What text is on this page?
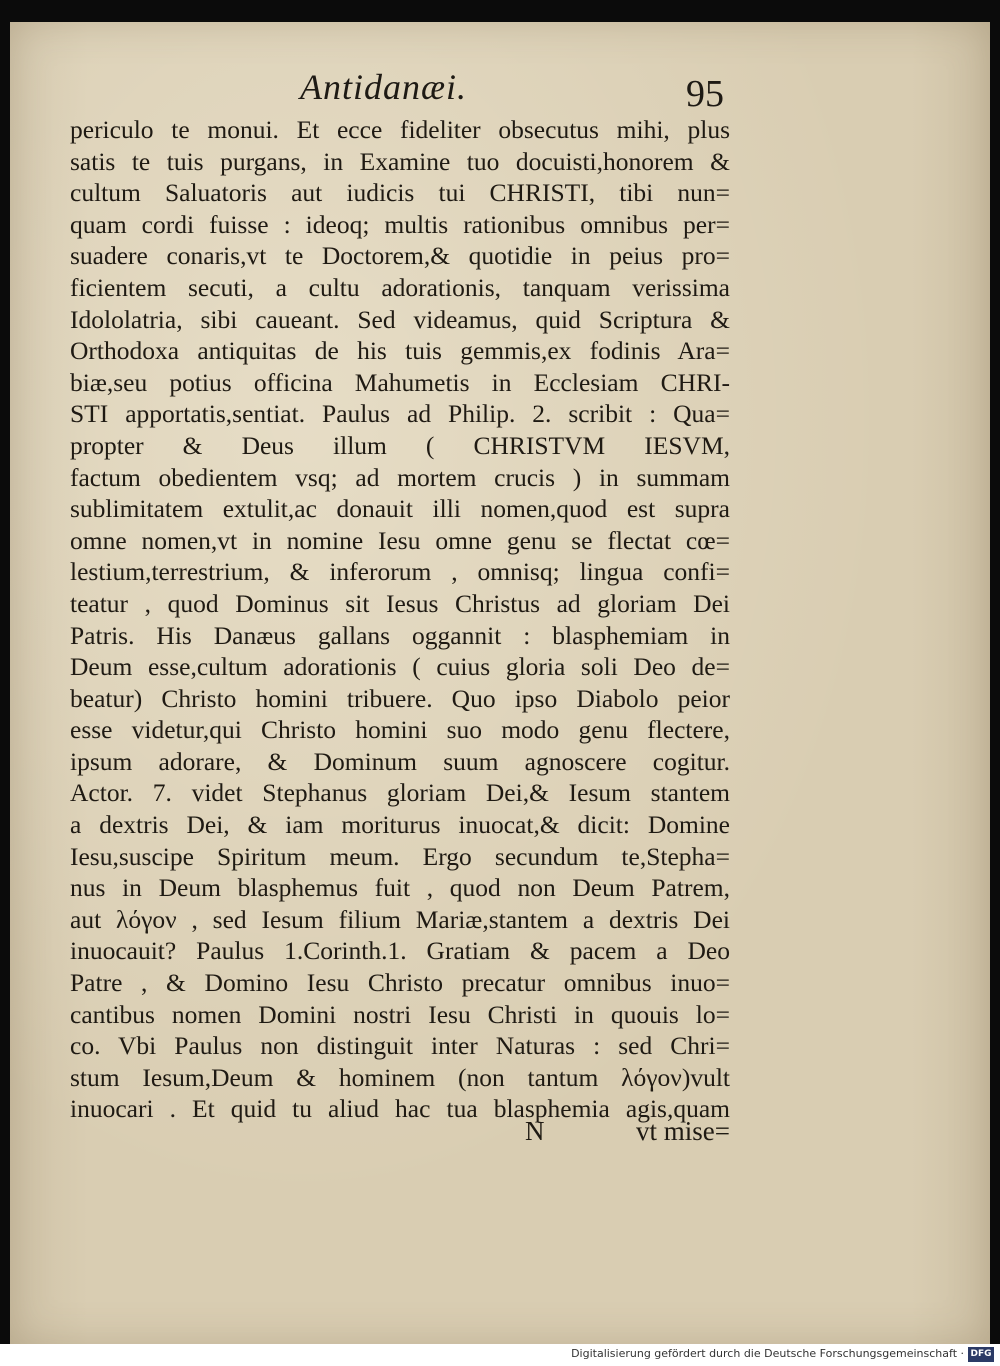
Antidanæi.	95
periculo te monui. Et ecce fideliter obsecutus mihi, plus
satis te tuis purgans, in Examine tuo docuisti,honorem &
cultum Saluatoris aut iudicis tui CHRISTI, tibi nun=
quam cordi fuisse : ideoq; multis rationibus omnibus per=
suadere conaris,vt te Doctorem,& quotidie in peius pro=
ficientem secuti, a cultu adorationis, tanquam verissima
Idololatria, sibi caueant. Sed videamus, quid Scriptura &
Orthodoxa antiquitas de his tuis gemmis,ex fodinis Ara=
biæ,seu potius officina Mahumetis in Ecclesiam CHRI-
STI apportatis,sentiat. Paulus ad Philip. 2. scribit : Qua=
propter & Deus illum ( CHRISTVM IESVM,
factum obedientem vsq; ad mortem crucis ) in summam
sublimitatem extulit,ac donauit illi nomen,quod est supra
omne nomen,vt in nomine Iesu omne genu se flectat cœ=
lestium,terrestrium, & inferorum , omnisq; lingua confi=
teatur , quod Dominus sit Iesus Christus ad gloriam Dei
Patris. His Danæus gallans oggannit : blasphemiam in
Deum esse,cultum adorationis ( cuius gloria soli Deo de=
beatur) Christo homini tribuere. Quo ipso Diabolo peior
esse videtur,qui Christo homini suo modo genu flectere,
ipsum adorare, & Dominum suum agnoscere cogitur.
Actor. 7. videt Stephanus gloriam Dei,& Iesum stantem
a dextris Dei, & iam moriturus inuocat,& dicit: Domine
Iesu,suscipe Spiritum meum. Ergo secundum te,Stepha=
nus in Deum blasphemus fuit , quod non Deum Patrem,
aut λόγον , sed Iesum filium Mariæ,stantem a dextris Dei
inuocauit? Paulus 1.Corinth.1. Gratiam & pacem a Deo
Patre , & Domino Iesu Christo precatur omnibus inuo=
cantibus nomen Domini nostri Iesu Christi in quouis lo=
co. Vbi Paulus non distinguit inter Naturas : sed Chri=
stum Iesum,Deum & hominem (non tantum λόγον)vult
inuocari . Et quid tu aliud hac tua blasphemia agis,quam
N	vt mise=
Digitalisierung gefördert durch die Deutsche Forschungsgemeinschaft · DFG
